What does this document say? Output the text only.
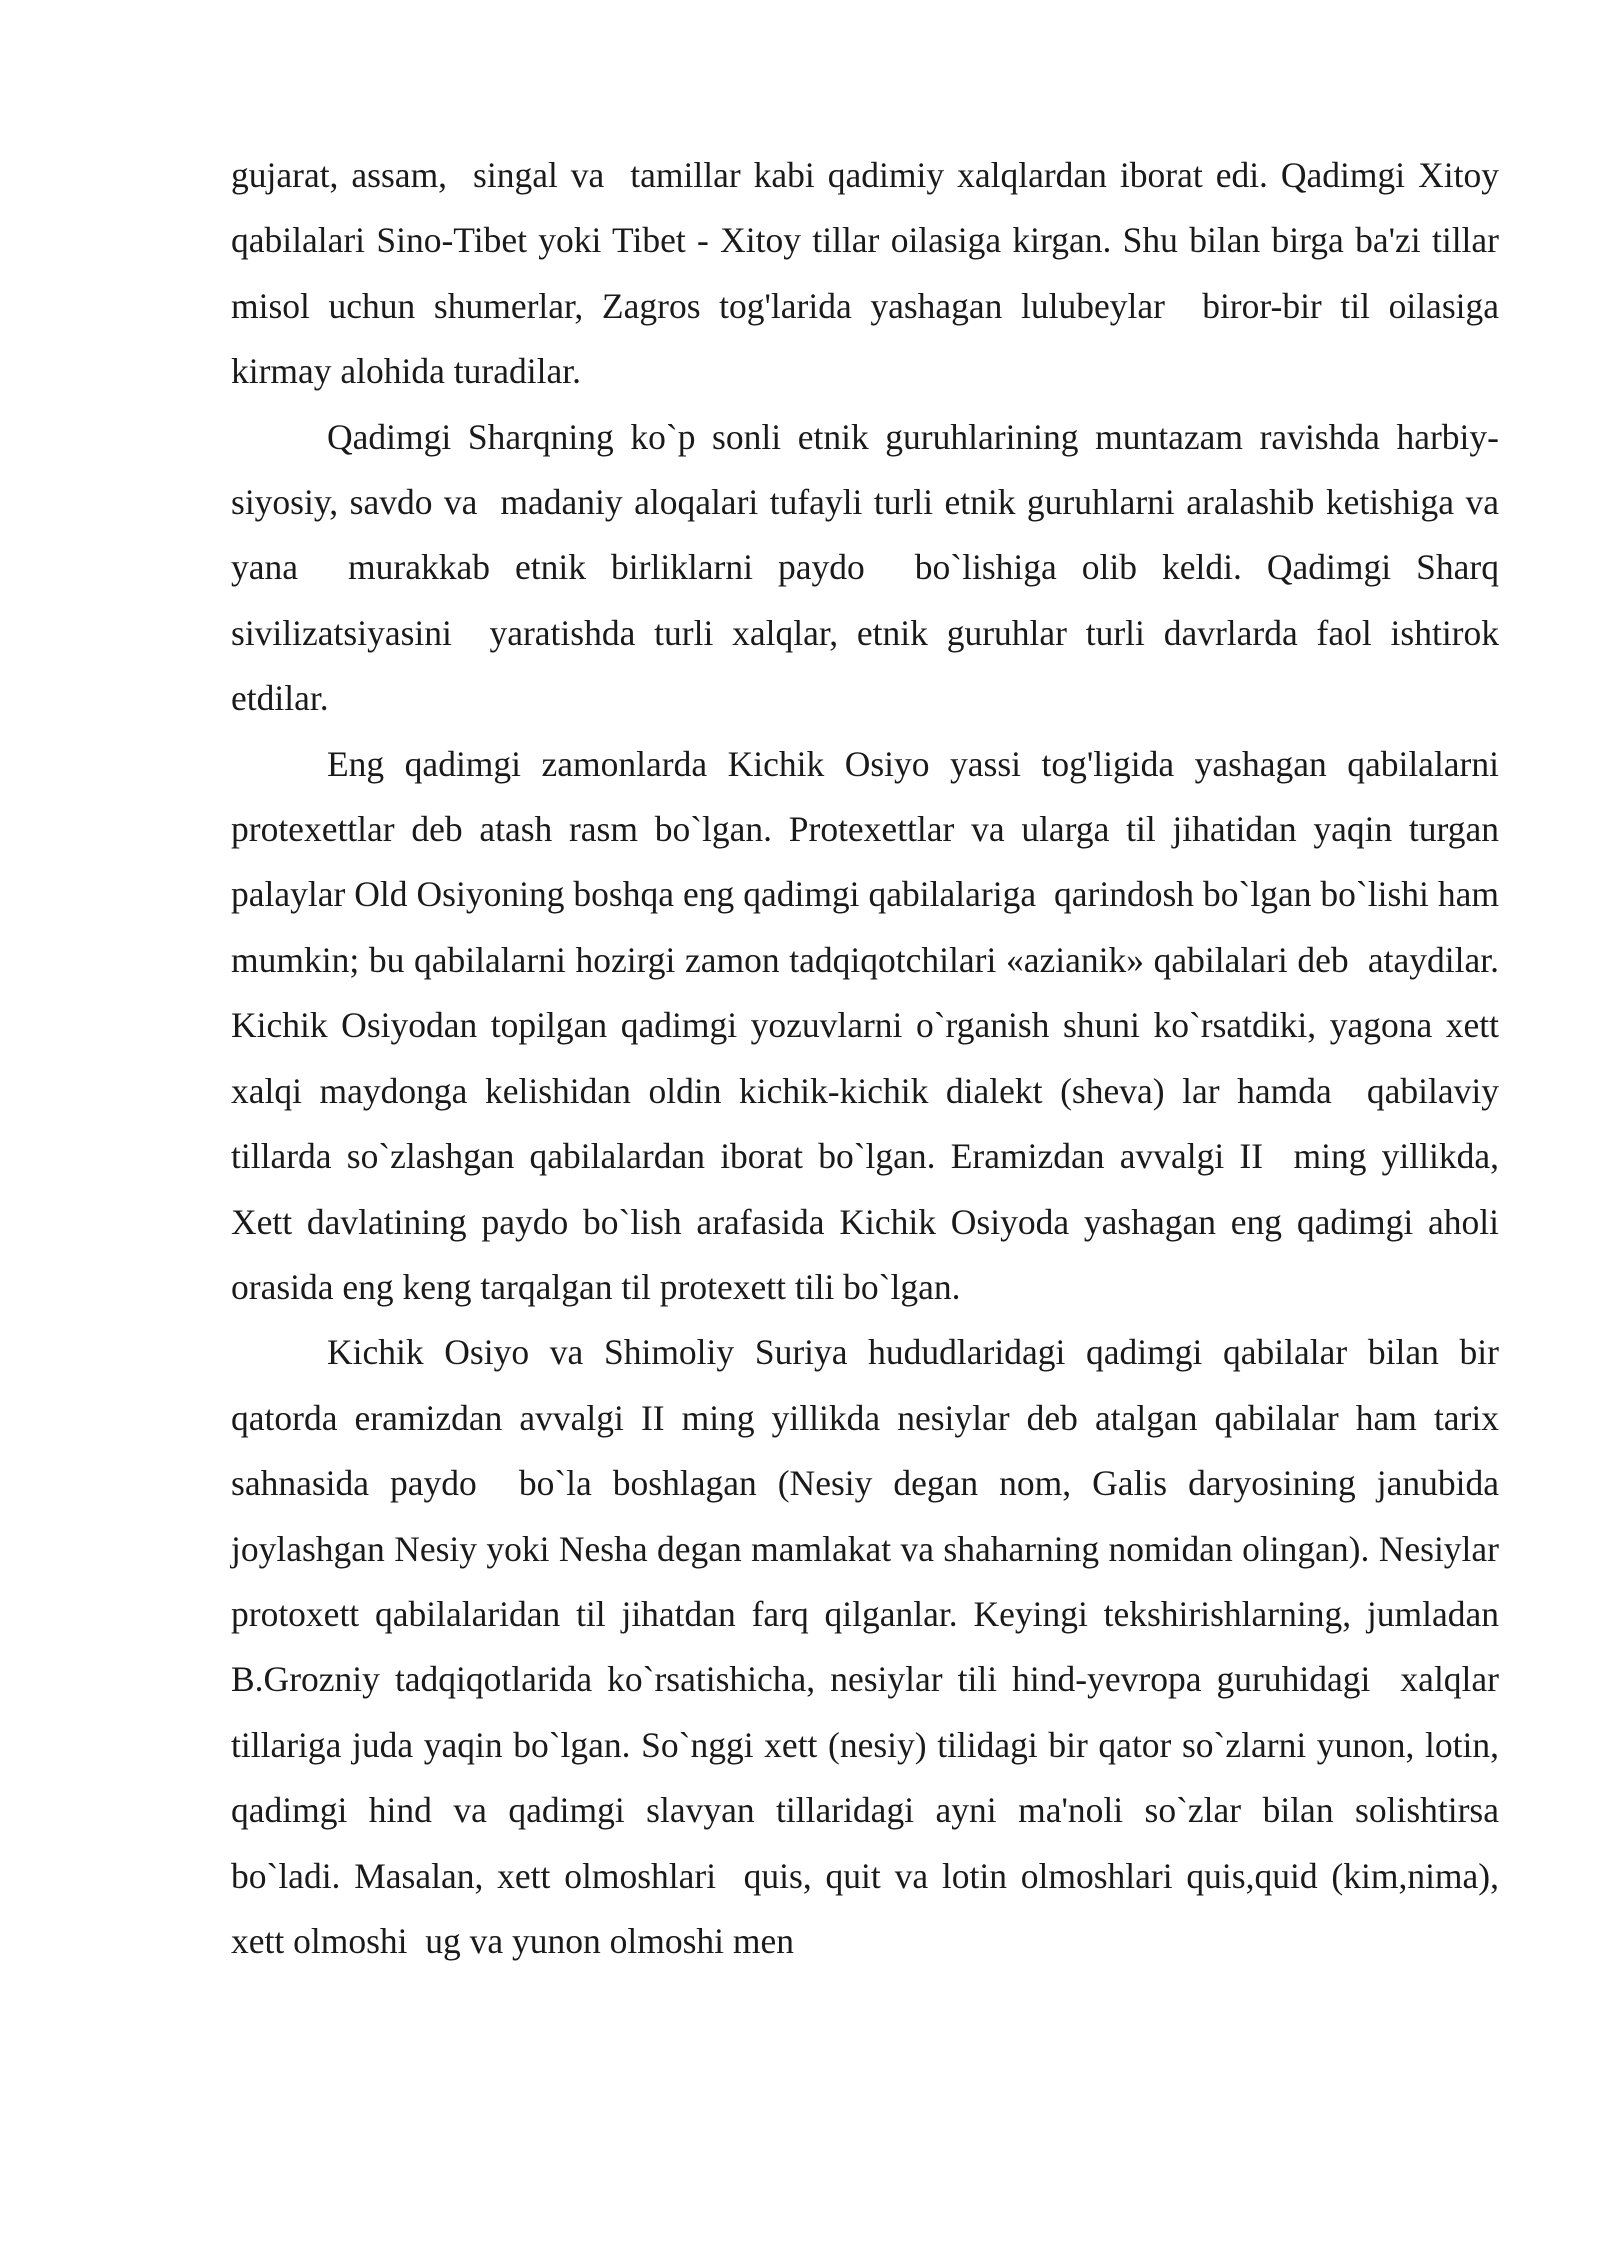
gujarat, assam,  singal va  tamillar kabi qadimiy xalqlardan iborat edi. Qadimgi Xitoy qabilalari Sino-Tibet yoki Tibet - Xitoy tillar oilasiga kirgan. Shu bilan birga ba'zi tillar misol uchun shumerlar, Zagros tog'larida yashagan lulubeylar  biror-bir til oilasiga kirmay alohida turadilar.

Qadimgi Sharqning ko`p sonli etnik guruhlarining muntazam ravishda harbiy-siyosiy, savdo va  madaniy aloqalari tufayli turli etnik guruhlarni aralashib ketishiga va yana  murakkab etnik birliklarni paydo  bo`lishiga olib keldi. Qadimgi Sharq  sivilizatsiyasini  yaratishda turli xalqlar, etnik guruhlar turli davrlarda faol ishtirok etdilar.

Eng qadimgi zamonlarda Kichik Osiyo yassi tog'ligida yashagan qabilalarni protexettlar deb atash rasm bo`lgan. Protexettlar va ularga til jihatidan yaqin turgan palaylar Old Osiyoning boshqa eng qadimgi qabilalariga  qarindosh bo`lgan bo`lishi ham mumkin; bu qabilalarni hozirgi zamon tadqiqotchilari «azianik» qabilalari deb  ataydilar. Kichik Osiyodan topilgan qadimgi yozuvlarni o`rganish shuni ko`rsatdiki, yagona xett xalqi maydonga kelishidan oldin kichik-kichik dialekt (sheva) lar hamda  qabilaviy tillarda so`zlashgan qabilalardan iborat bo`lgan. Eramizdan avvalgi II  ming yillikda, Xett davlatining paydo bo`lish arafasida Kichik Osiyoda yashagan eng qadimgi aholi orasida eng keng tarqalgan til protexett tili bo`lgan.

Kichik Osiyo va Shimoliy Suriya hududlaridagi qadimgi qabilalar bilan bir qatorda eramizdan avvalgi II ming yillikda nesiylar deb atalgan qabilalar ham tarix sahnasida paydo  bo`la boshlagan (Nesiy degan nom, Galis daryosining janubida joylashgan Nesiy yoki Nesha degan mamlakat va shaharning nomidan olingan). Nesiylar protoxett qabilalaridan til jihatdan farq qilganlar. Keyingi tekshirishlarning, jumladan B.Grozniy tadqiqotlarida ko`rsatishicha, nesiylar tili hind-yevropa guruhidagi  xalqlar tillariga juda yaqin bo`lgan. So`nggi xett (nesiy) tilidagi bir qator so`zlarni yunon, lotin, qadimgi hind va qadimgi slavyan tillaridagi ayni ma'noli so`zlar bilan solishtirsa  bo`ladi. Masalan, xett olmoshlari  quis, quit va lotin olmoshlari quis,quid (kim,nima), xett olmoshi  ug va yunon olmoshi men
